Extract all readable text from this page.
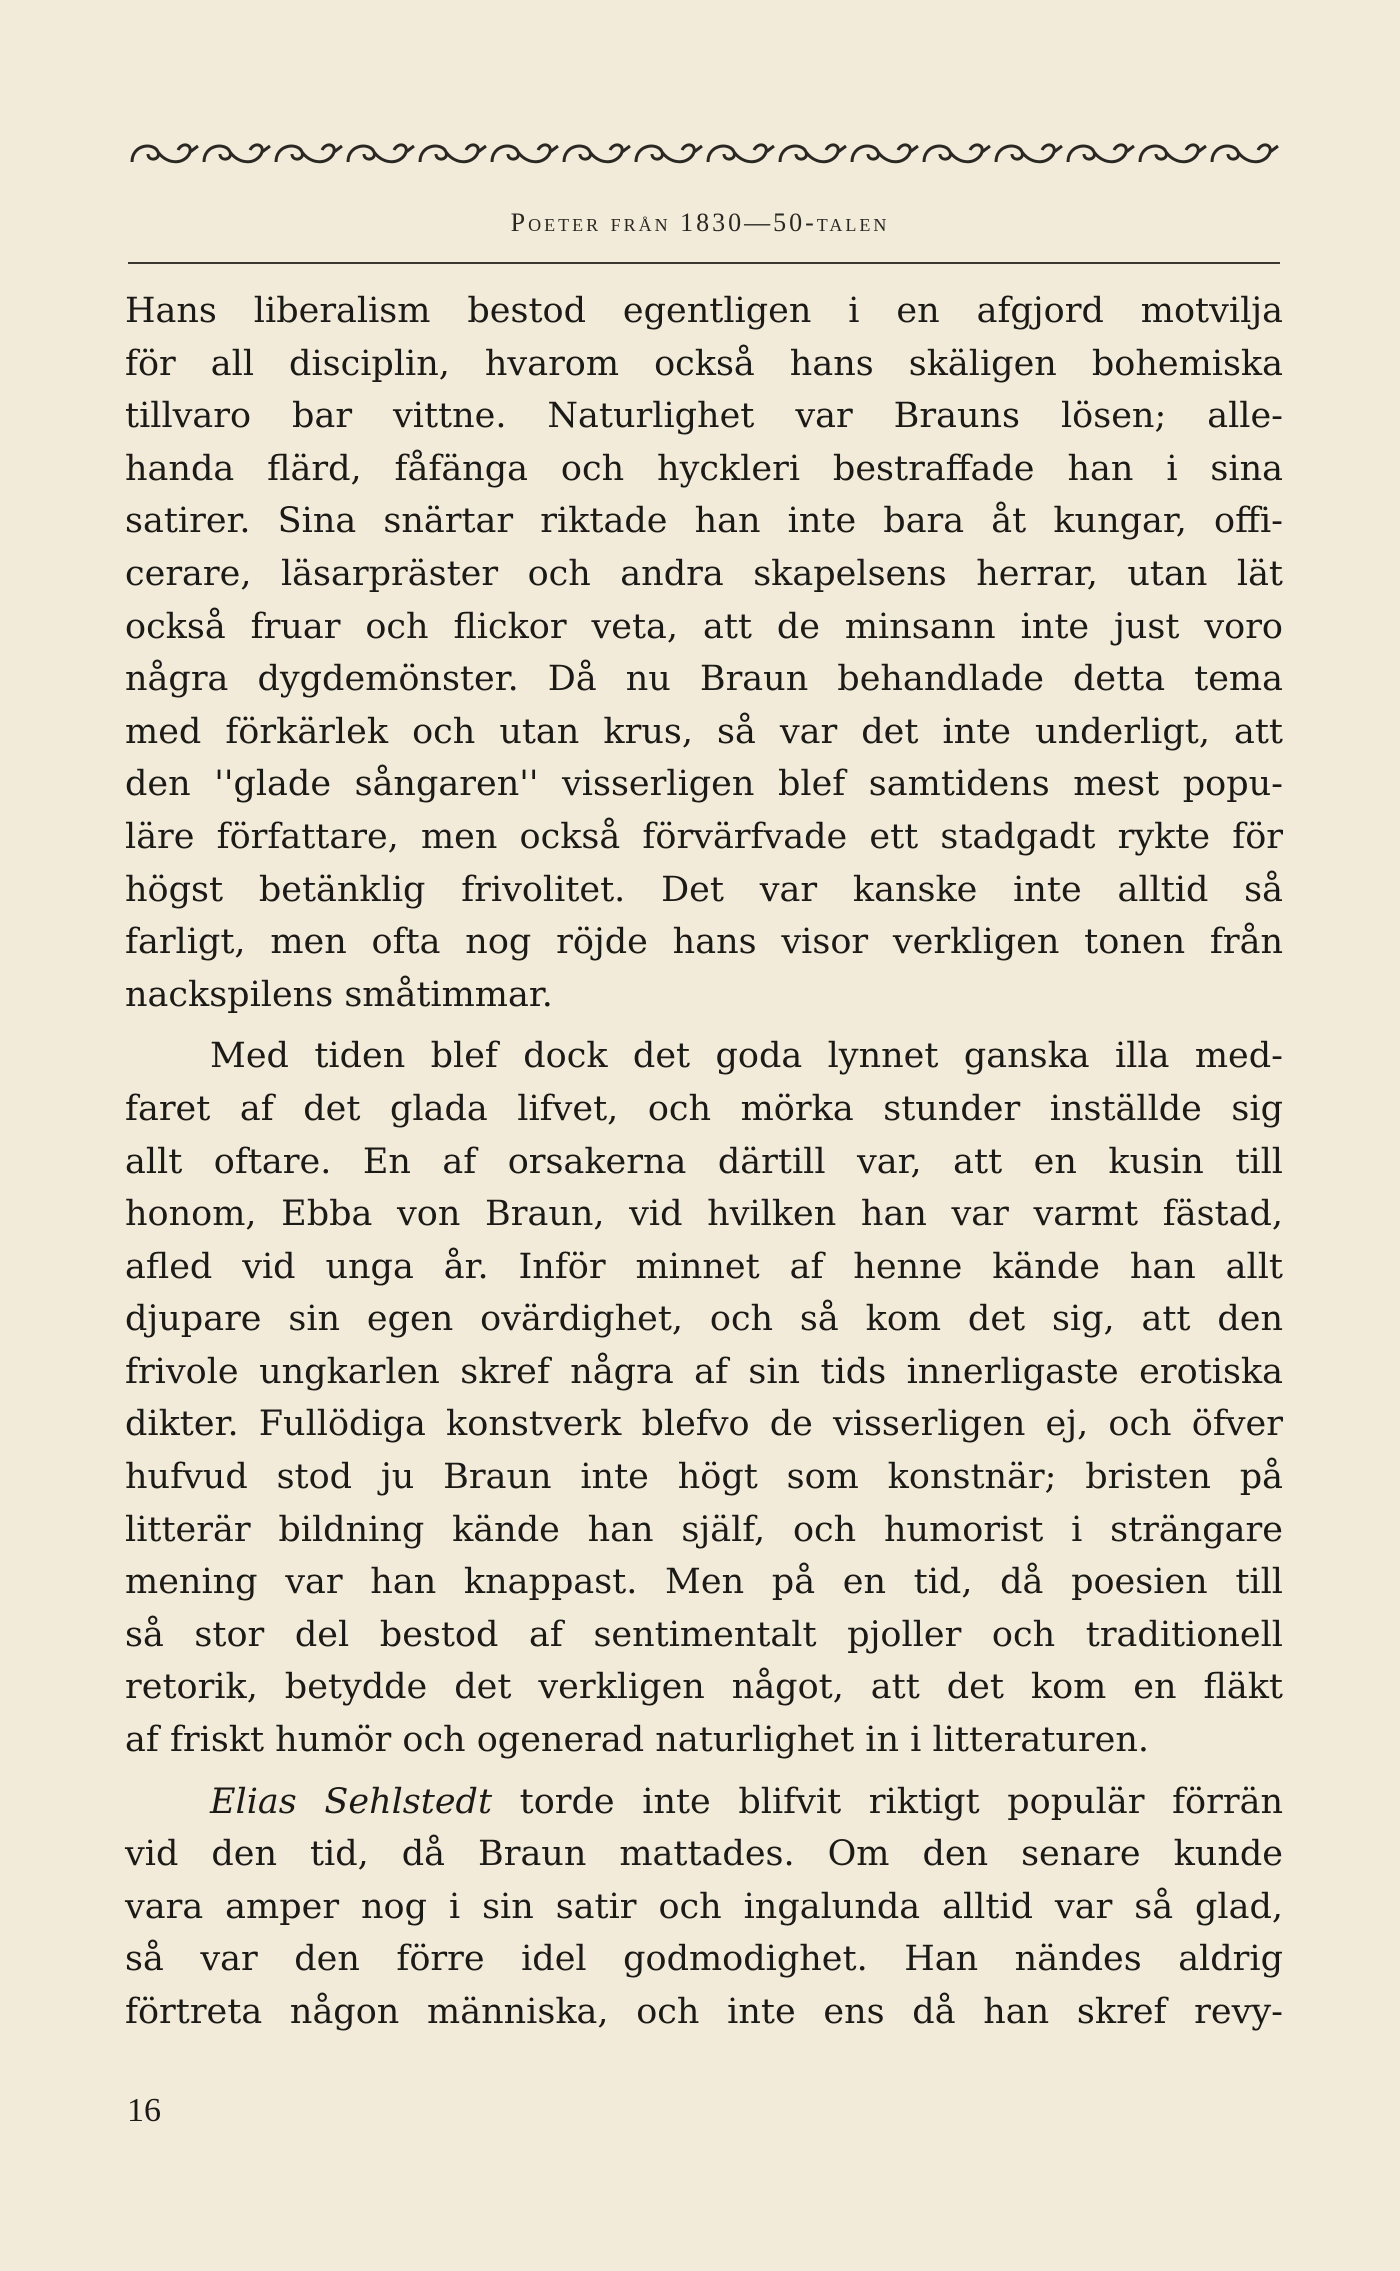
Poeter från 1830—50-talen

Hans liberalism bestod egentligen i en afgjord motvilja
för all disciplin, hvarom också hans skäligen bohemiska
tillvaro bar vittne. Naturlighet var Brauns lösen; alle-
handa flärd, fåfänga och hyckleri bestraffade han i sina
satirer. Sina snärtar riktade han inte bara åt kungar, offi-
cerare, läsarpräster och andra skapelsens herrar, utan lät
också fruar och flickor veta, att de minsann inte just voro
några dygdemönster. Då nu Braun behandlade detta tema
med förkärlek och utan krus, så var det inte underligt, att
den ''glade sångaren'' visserligen blef samtidens mest popu-
läre författare, men också förvärfvade ett stadgadt rykte för
högst betänklig frivolitet. Det var kanske inte alltid så
farligt, men ofta nog röjde hans visor verkligen tonen från
nackspilens småtimmar.

Med tiden blef dock det goda lynnet ganska illa med-
faret af det glada lifvet, och mörka stunder inställde sig
allt oftare. En af orsakerna därtill var, att en kusin till
honom, Ebba von Braun, vid hvilken han var varmt fästad,
afled vid unga år. Inför minnet af henne kände han allt
djupare sin egen ovärdighet, och så kom det sig, att den
frivole ungkarlen skref några af sin tids innerligaste erotiska
dikter. Fullödiga konstverk blefvo de visserligen ej, och öfver
hufvud stod ju Braun inte högt som konstnär; bristen på
litterär bildning kände han själf, och humorist i strängare
mening var han knappast. Men på en tid, då poesien till
så stor del bestod af sentimentalt pjoller och traditionell
retorik, betydde det verkligen något, att det kom en fläkt
af friskt humör och ogenerad naturlighet in i litteraturen.

Elias Sehlstedt torde inte blifvit riktigt populär förrän
vid den tid, då Braun mattades. Om den senare kunde
vara amper nog i sin satir och ingalunda alltid var så glad,
så var den förre idel godmodighet. Han nändes aldrig
förtreta någon människa, och inte ens då han skref revy-

16
